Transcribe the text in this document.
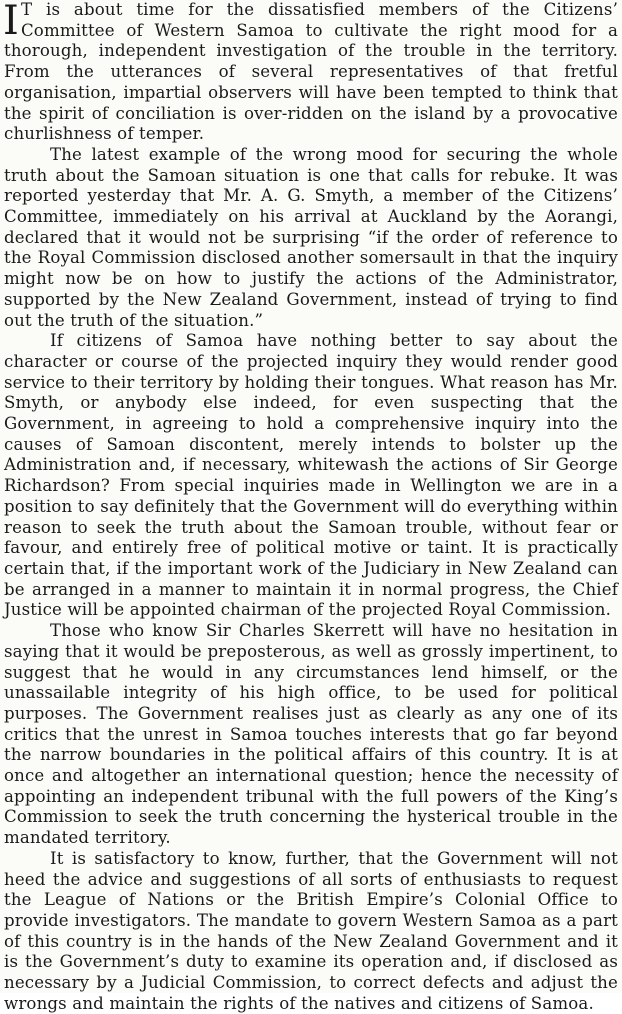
I T is about time for the dissatisfied members of the Citizens’ Committee of Western Samoa to cultivate the right mood for a thorough, independent investigation of the trouble in the territory. From the utterances of several representatives of that fretful organisation, impartial observers will have been tempted to think that the spirit of conciliation is over-ridden on the island by a provocative churlishness of temper.

The latest example of the wrong mood for securing the whole truth about the Samoan situation is one that calls for rebuke. It was reported yesterday that Mr. A. G. Smyth, a member of the Citizens’ Committee, immediately on his arrival at Auckland by the Aorangi, declared that it would not be surprising “if the order of reference to the Royal Commission disclosed another somersault in that the inquiry might now be on how to justify the actions of the Administrator, supported by the New Zealand Government, instead of trying to find out the truth of the situation.”

If citizens of Samoa have nothing better to say about the character or course of the projected inquiry they would render good service to their territory by holding their tongues. What reason has Mr. Smyth, or anybody else indeed, for even suspecting that the Government, in agreeing to hold a comprehensive inquiry into the causes of Samoan discontent, merely intends to bolster up the Administration and, if necessary, whitewash the actions of Sir George Richardson? From special inquiries made in Wellington we are in a position to say definitely that the Government will do everything within reason to seek the truth about the Samoan trouble, without fear or favour, and entirely free of political motive or taint. It is practically certain that, if the important work of the Judiciary in New Zealand can be arranged in a manner to maintain it in normal progress, the Chief Justice will be appointed chairman of the projected Royal Commission.

Those who know Sir Charles Skerrett will have no hesitation in saying that it would be preposterous, as well as grossly impertinent, to suggest that he would in any circumstances lend himself, or the unassailable integrity of his high office, to be used for political purposes. The Government realises just as clearly as any one of its critics that the unrest in Samoa touches interests that go far beyond the narrow boundaries in the political affairs of this country. It is at once and altogether an international question; hence the necessity of appointing an independent tribunal with the full powers of the King’s Commission to seek the truth concerning the hysterical trouble in the mandated territory.

It is satisfactory to know, further, that the Government will not heed the advice and suggestions of all sorts of enthusiasts to request the League of Nations or the British Empire’s Colonial Office to provide investigators. The mandate to govern Western Samoa as a part of this country is in the hands of the New Zealand Government and it is the Government’s duty to examine its operation and, if disclosed as necessary by a Judicial Commission, to correct defects and adjust the wrongs and maintain the rights of the natives and citizens of Samoa.
